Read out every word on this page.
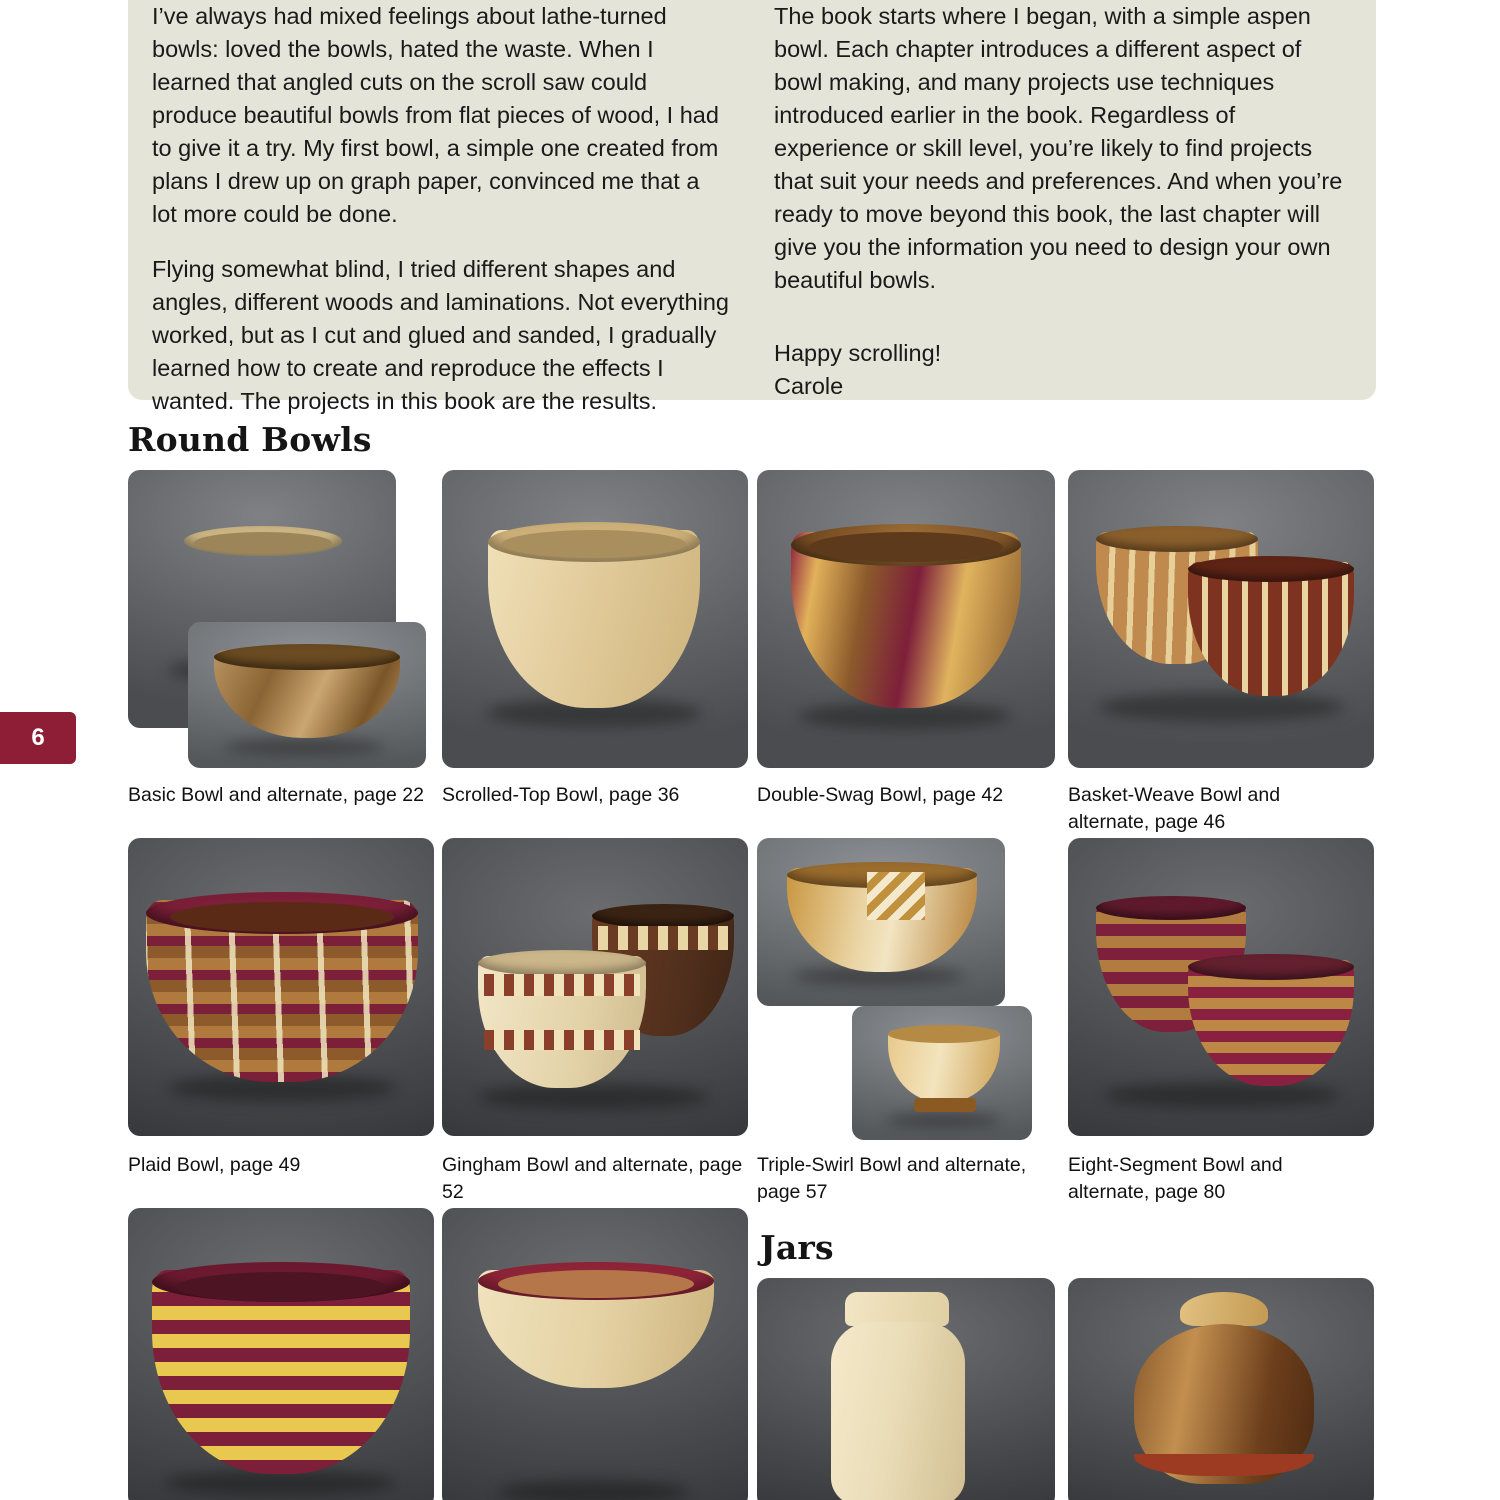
I’ve always had mixed feelings about lathe-turned bowls: loved the bowls, hated the waste. When I learned that angled cuts on the scroll saw could produce beautiful bowls from flat pieces of wood, I had to give it a try. My first bowl, a simple one created from plans I drew up on graph paper, convinced me that a lot more could be done.

Flying somewhat blind, I tried different shapes and angles, different woods and laminations. Not everything worked, but as I cut and glued and sanded, I gradually learned how to create and reproduce the effects I wanted. The projects in this book are the results.

The book starts where I began, with a simple aspen bowl. Each chapter introduces a different aspect of bowl making, and many projects use techniques introduced earlier in the book. Regardless of experience or skill level, you’re likely to find projects that suit your needs and preferences. And when you’re ready to move beyond this book, the last chapter will give you the information you need to design your own beautiful bowls.

Happy scrolling!

Carole

6
Round Bowls
Basic Bowl and alternate, page 22 Scrolled-Top Bowl, page 36	Double-Swag Bowl, page 42	Basket-Weave Bowl and alternate, page 46
Plaid Bowl, page 49	Gingham Bowl and alternate, page 52
Triple-Swirl Bowl and alternate, page 57
Eight-Segment Bowl and alternate, page 80
Jars
